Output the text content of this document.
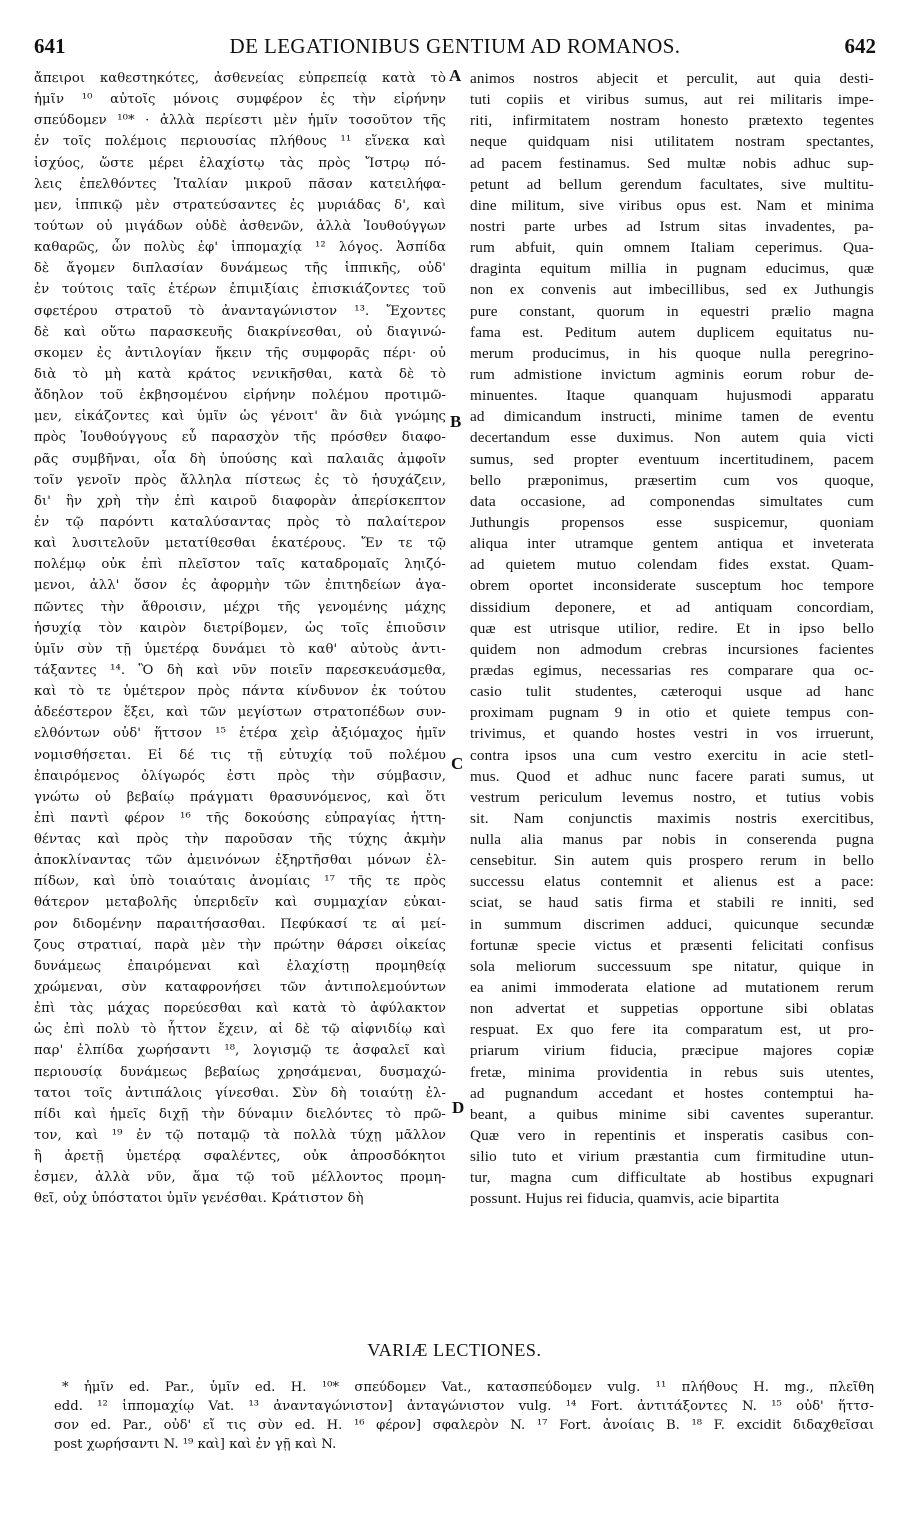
641	DE LEGATIONIBUS GENTIUM AD ROMANOS.	642
ἄπειροι καθεστηκότες, ἀσθενείας εὐπρεπείᾳ κατὰ τὸ
ἡμῖν ¹⁰ αὐτοῖς μόνοις συμφέρον ἐς τὴν εἰρήνην
σπεύδομεν ¹⁰* · ἀλλὰ περίεστι μὲν ἡμῖν τοσοῦτον τῆς
ἐν τοῖς πολέμοις περιουσίας πλήθους ¹¹ εἵνεκα καὶ
ἰσχύος, ὥστε μέρει ἐλαχίστῳ τὰς πρὸς Ἴστρῳ πό-
λεις ἐπελθόντες Ἰταλίαν μικροῦ πᾶσαν κατειλήφα-
μεν, ἱππικῷ μὲν στρατεύσαντες ἐς μυριάδας δ', καὶ
τούτων οὐ μιγάδων οὐδὲ ἀσθενῶν, ἀλλὰ Ἰουθούγγων
καθαρῶς, ὧν πολὺς ἐφ' ἱππομαχίᾳ ¹² λόγος. Ἀσπίδα
δὲ ἄγομεν διπλασίαν δυνάμεως τῆς ἱππικῆς, οὐδ'
ἐν τούτοις ταῖς ἑτέρων ἐπιμιξίαις ἐπισκιάζοντες τοῦ
σφετέρου στρατοῦ τὸ ἀνανταγώνιστον ¹³. Ἔχοντες
δὲ καὶ οὕτω παρασκευῆς διακρίνεσθαι, οὐ διαγινώ-
σκομεν ἐς ἀντιλογίαν ἥκειν τῆς συμφορᾶς πέρι· οὐ
διὰ τὸ μὴ κατὰ κράτος νενικῆσθαι, κατὰ δὲ τὸ
ἄδηλον τοῦ ἐκβησομένου εἰρήνην πολέμου προτιμῶ-
μεν, εἰκάζοντες καὶ ὑμῖν ὡς γένοιτ' ἂν διὰ γνώμης
πρὸς Ἰουθούγγους εὖ παρασχὸν τῆς πρόσθεν διαφο-
ρᾶς συμβῆναι, οἷα δὴ ὑπούσης καὶ παλαιᾶς ἀμφοῖν
τοῖν γενοῖν πρὸς ἄλληλα πίστεως ἐς τὸ ἡσυχάζειν,
δι' ἣν χρὴ τὴν ἐπὶ καιροῦ διαφορὰν ἀπερίσκεπτον
ἐν τῷ παρόντι καταλύσαντας πρὸς τὸ παλαίτερον
καὶ λυσιτελοῦν μετατίθεσθαι ἑκατέρους. Ἔν τε τῷ
πολέμῳ οὐκ ἐπὶ πλεῖστον ταῖς καταδρομαῖς ληιζό-
μενοι, ἀλλ' ὅσον ἐς ἀφορμὴν τῶν ἐπιτηδείων ἀγα-
πῶντες τὴν ἄθροισιν, μέχρι τῆς γενομένης μάχης
ἡσυχίᾳ τὸν καιρὸν διετρίβομεν, ὡς τοῖς ἐπιοῦσιν
ὑμῖν σὺν τῇ ὑμετέρᾳ δυνάμει τὸ καθ' αὐτοὺς ἀντι-
τάξαντες ¹⁴. Ὃ δὴ καὶ νῦν ποιεῖν παρεσκευάσμεθα,
καὶ τὸ τε ὑμέτερον πρὸς πάντα κίνδυνον ἐκ τούτου
ἀδεέστερον ἕξει, καὶ τῶν μεγίστων στρατοπέδων συν-
ελθόντων οὐδ' ἥττσον ¹⁵ ἑτέρα χεὶρ ἀξιόμαχος ἡμῖν
νομισθήσεται. Εἰ δέ τις τῇ εὐτυχίᾳ τοῦ πολέμου
ἐπαιρόμενος ὀλίγωρός ἐστι πρὸς τὴν σύμβασιν,
γνώτω οὐ βεβαίῳ πράγματι θρασυνόμενος, καὶ ὅτι
ἐπὶ παντὶ φέρον ¹⁶ τῆς δοκούσης εὐπραγίας ἡττη-
θέντας καὶ πρὸς τὴν παροῦσαν τῆς τύχης ἀκμὴν
ἀποκλίναντας τῶν ἀμεινόνων ἐξηρτῆσθαι μόνων ἐλ-
πίδων, καὶ ὑπὸ τοιαύταις ἀνομίαις ¹⁷ τῆς τε πρὸς
θάτερον μεταβολῆς ὑπεριδεῖν καὶ συμμαχίαν εὐκαι-
ρον διδομένην παραιτήσασθαι. Πεφύκασί τε αἱ μεί-
ζους στρατιαί, παρὰ μὲν τὴν πρώτην θάρσει οἰκείας
δυνάμεως ἐπαιρόμεναι καὶ ἐλαχίστῃ προμηθείᾳ
χρώμεναι, σὺν καταφρονήσει τῶν ἀντιπολεμούντων
ἐπὶ τὰς μάχας πορεύεσθαι καὶ κατὰ τὸ ἀφύλακτον
ὡς ἐπὶ πολὺ τὸ ἧττον ἔχειν, αἱ δὲ τῷ αἰφνιδίῳ καὶ
παρ' ἐλπίδα χωρήσαντι ¹⁸, λογισμῷ τε ἀσφαλεῖ καὶ
περιουσίᾳ δυνάμεως βεβαίως χρησάμεναι, δυσμαχώ-
τατοι τοῖς ἀντιπάλοις γίνεσθαι. Σὺν δὴ τοιαύτῃ ἐλ-
πίδι καὶ ἡμεῖς διχῇ τὴν δύναμιν διελόντες τὸ πρῶ-
τον, καὶ ¹⁹ ἐν τῷ ποταμῷ τὰ πολλὰ τύχῃ μᾶλλον
ἢ ἀρετῇ ὑμετέρᾳ σφαλέντες, οὐκ ἀπροσδόκητοι
ἐσμεν, ἀλλὰ νῦν, ἅμα τῷ τοῦ μέλλοντος προμη-
θεῖ, οὐχ ὑπόστατοι ὑμῖν γενέσθαι. Κράτιστον δὴ
animos nostros abjecit et perculit, aut quia desti-
tuti copiis et viribus sumus, aut rei militaris impe-
riti, infirmitatem nostram honesto prætexto tegentes
neque quidquam nisi utilitatem nostram spectantes,
ad pacem festinamus. Sed multæ nobis adhuc sup-
petunt ad bellum gerendum facultates, sive multitu-
dine militum, sive viribus opus est. Nam et minima
nostri parte urbes ad Istrum sitas invadentes, pa-
rum abfuit, quin omnem Italiam ceperimus. Qua-
draginta equitum millia in pugnam educimus, quæ
non ex convenis aut imbecillibus, sed ex Juthungis
pure constant, quorum in equestri prælio magna
fama est. Peditum autem duplicem equitatus nu-
merum producimus, in his quoque nulla peregrino-
rum admistione invictum agminis eorum robur de-
minuentes. Itaque quanquam hujusmodi apparatu
ad dimicandum instructi, minime tamen de eventu
decertandum esse duximus. Non autem quia victi
sumus, sed propter eventuum incertitudinem, pacem
bello præponimus, præsertim cum vos quoque,
data occasione, ad componendas simultates cum
Juthungis propensos esse suspicemur, quoniam
aliqua inter utramque gentem antiqua et inveterata
ad quietem mutuo colendam fides exstat. Quam-
obrem oportet inconsiderate susceptum hoc tempore
dissidium deponere, et ad antiquam concordiam,
quæ est utrisque utilior, redire. Et in ipso bello
quidem non admodum crebras incursiones facientes
prædas egimus, necessarias res comparare qua oc-
casio tulit studentes, cæteroqui usque ad hanc
proximam pugnam 9 in otio et quiete tempus con-
trivimus, et quando hostes vestri in vos irruerunt,
contra ipsos una cum vestro exercitu in acie stetl-
mus. Quod et adhuc nunc facere parati sumus, ut
vestrum periculum levemus nostro, et tutius vobis
sit. Nam conjunctis maximis nostris exercitibus,
nulla alia manus par nobis in conserenda pugna
censebitur. Sin autem quis prospero rerum in bello
successu elatus contemnit et alienus est a pace:
sciat, se haud satis firma et stabili re inniti, sed
in summum discrimen adduci, quicunque secundæ
fortunæ specie victus et præsenti felicitati confisus
sola meliorum successuum spe nitatur, quique in
ea animi immoderata elatione ad mutationem rerum
non advertat et suppetias opportune sibi oblatas
respuat. Ex quo fere ita comparatum est, ut pro-
priarum virium fiducia, præcipue majores copiæ
fretæ, minima providentia in rebus suis utentes,
ad pugnandum accedant et hostes contemptui ha-
beant, a quibus minime sibi caventes superantur.
Quæ vero in repentinis et insperatis casibus con-
silio tuto et virium præstantia cum firmitudine utun-
tur, magna cum difficultate ab hostibus expugnari
possunt. Hujus rei fiducia, quamvis, acie bipartita
A
B
C
D
VARIÆ LECTIONES.
* ἡμῖν ed. Par., ὑμῖν ed. H. ¹⁰* σπεύδομεν Vat., κατασπεύδομεν vulg. ¹¹ πλήθους H. mg., πλεῖθη
edd. ¹² ἱππομαχίῳ Vat. ¹³ ἀνανταγώνιστον] ἀνταγώνιστον vulg. ¹⁴ Fort. ἀντιτάξοντες N. ¹⁵ οὐδ' ἥττσ-
σον ed. Par., οὐδ' εἴ τις σὺν ed. H. ¹⁶ φέρον] σφαλερὸν N. ¹⁷ Fort. ἀνοίαις B. ¹⁸ F. excidit διδαχθεῖσαι
post χωρήσαντι N. ¹⁹ καὶ] καὶ ἐν γῇ καὶ N.
